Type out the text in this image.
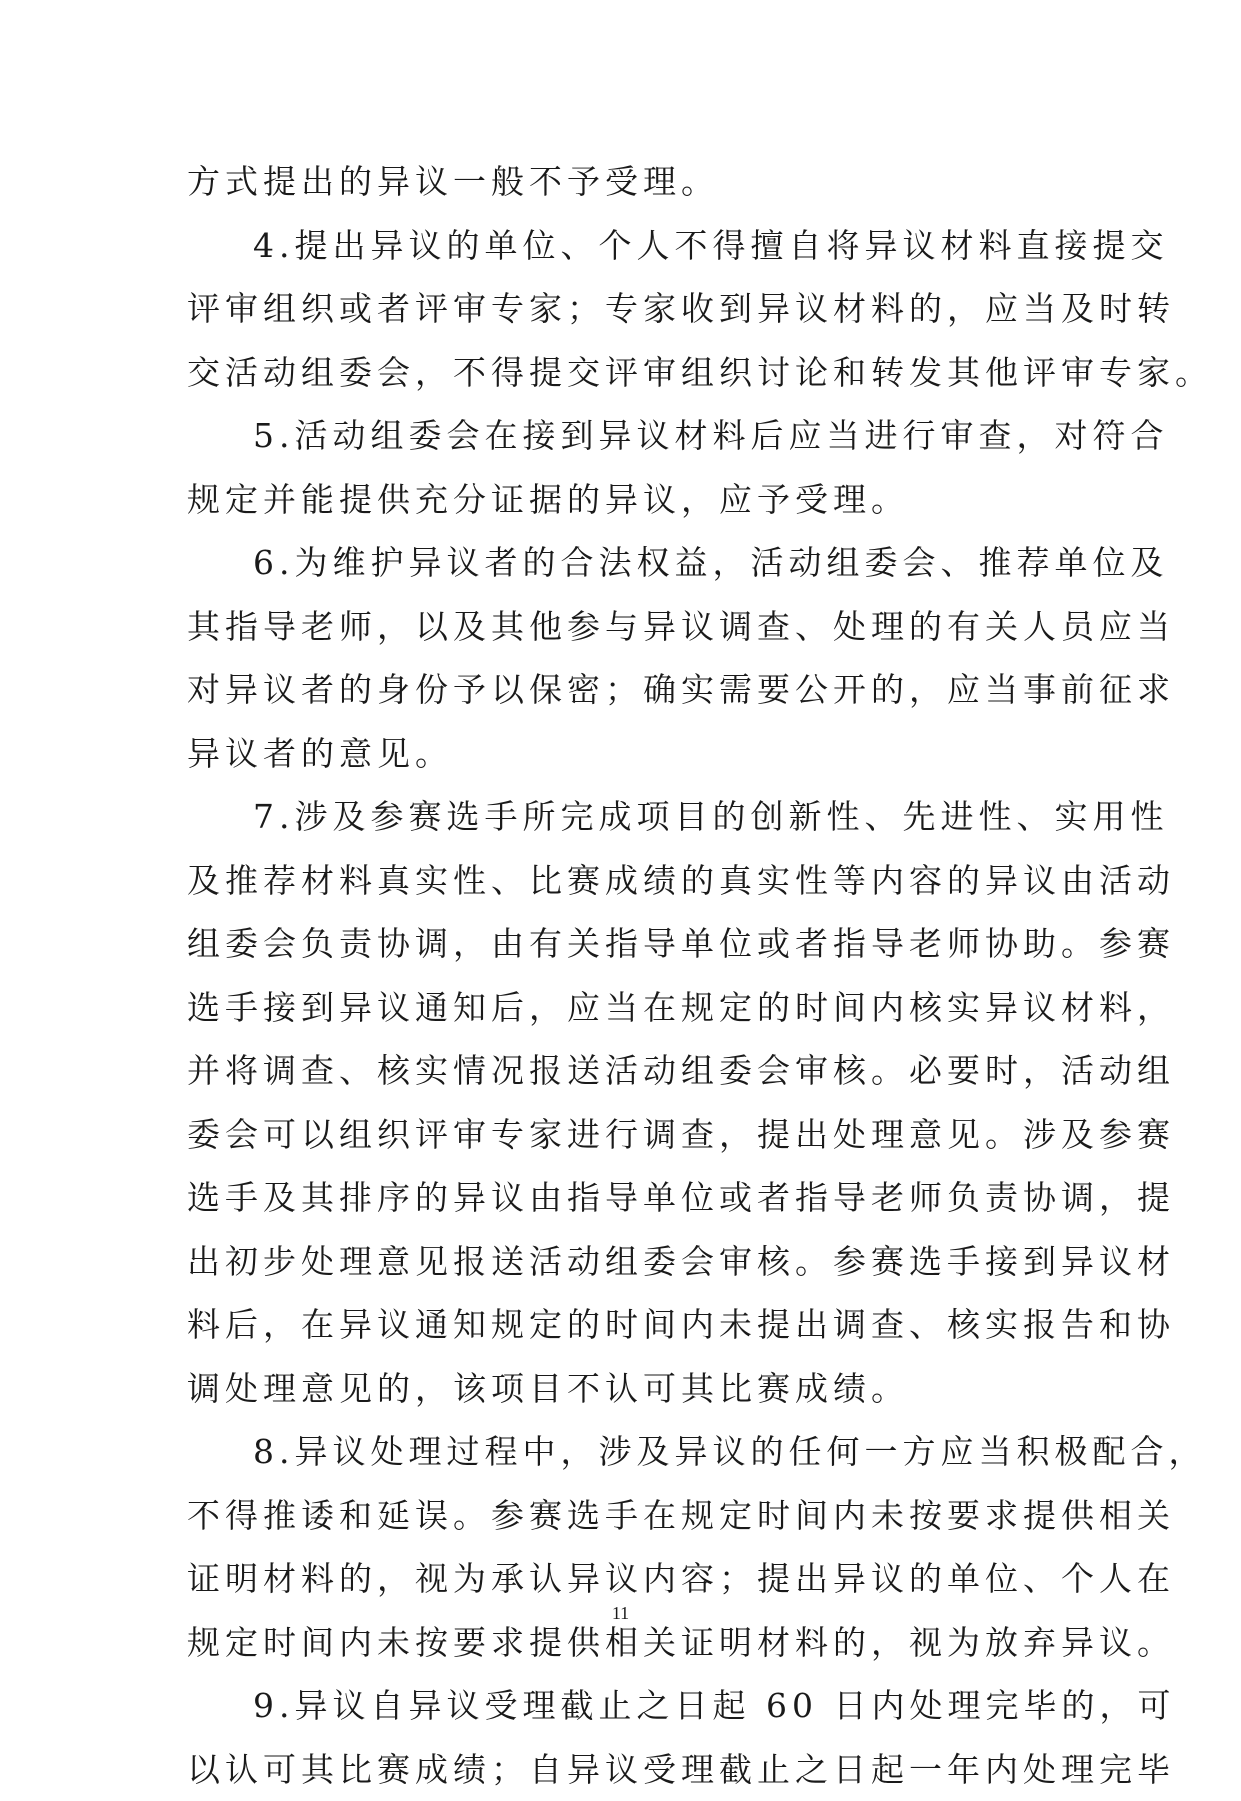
方式提出的异议一般不予受理。
4.提出异议的单位、个人不得擅自将异议材料直接提交
评审组织或者评审专家；专家收到异议材料的，应当及时转
交活动组委会，不得提交评审组织讨论和转发其他评审专家。
5.活动组委会在接到异议材料后应当进行审查，对符合
规定并能提供充分证据的异议，应予受理。
6.为维护异议者的合法权益，活动组委会、推荐单位及
其指导老师，以及其他参与异议调查、处理的有关人员应当
对异议者的身份予以保密；确实需要公开的，应当事前征求
异议者的意见。
7.涉及参赛选手所完成项目的创新性、先进性、实用性
及推荐材料真实性、比赛成绩的真实性等内容的异议由活动
组委会负责协调，由有关指导单位或者指导老师协助。参赛
选手接到异议通知后，应当在规定的时间内核实异议材料，
并将调查、核实情况报送活动组委会审核。必要时，活动组
委会可以组织评审专家进行调查，提出处理意见。涉及参赛
选手及其排序的异议由指导单位或者指导老师负责协调，提
出初步处理意见报送活动组委会审核。参赛选手接到异议材
料后，在异议通知规定的时间内未提出调查、核实报告和协
调处理意见的，该项目不认可其比赛成绩。
8.异议处理过程中，涉及异议的任何一方应当积极配合，
不得推诿和延误。参赛选手在规定时间内未按要求提供相关
证明材料的，视为承认异议内容；提出异议的单位、个人在
规定时间内未按要求提供相关证明材料的，视为放弃异议。
9.异议自异议受理截止之日起 60 日内处理完毕的，可
以认可其比赛成绩；自异议受理截止之日起一年内处理完毕
11
